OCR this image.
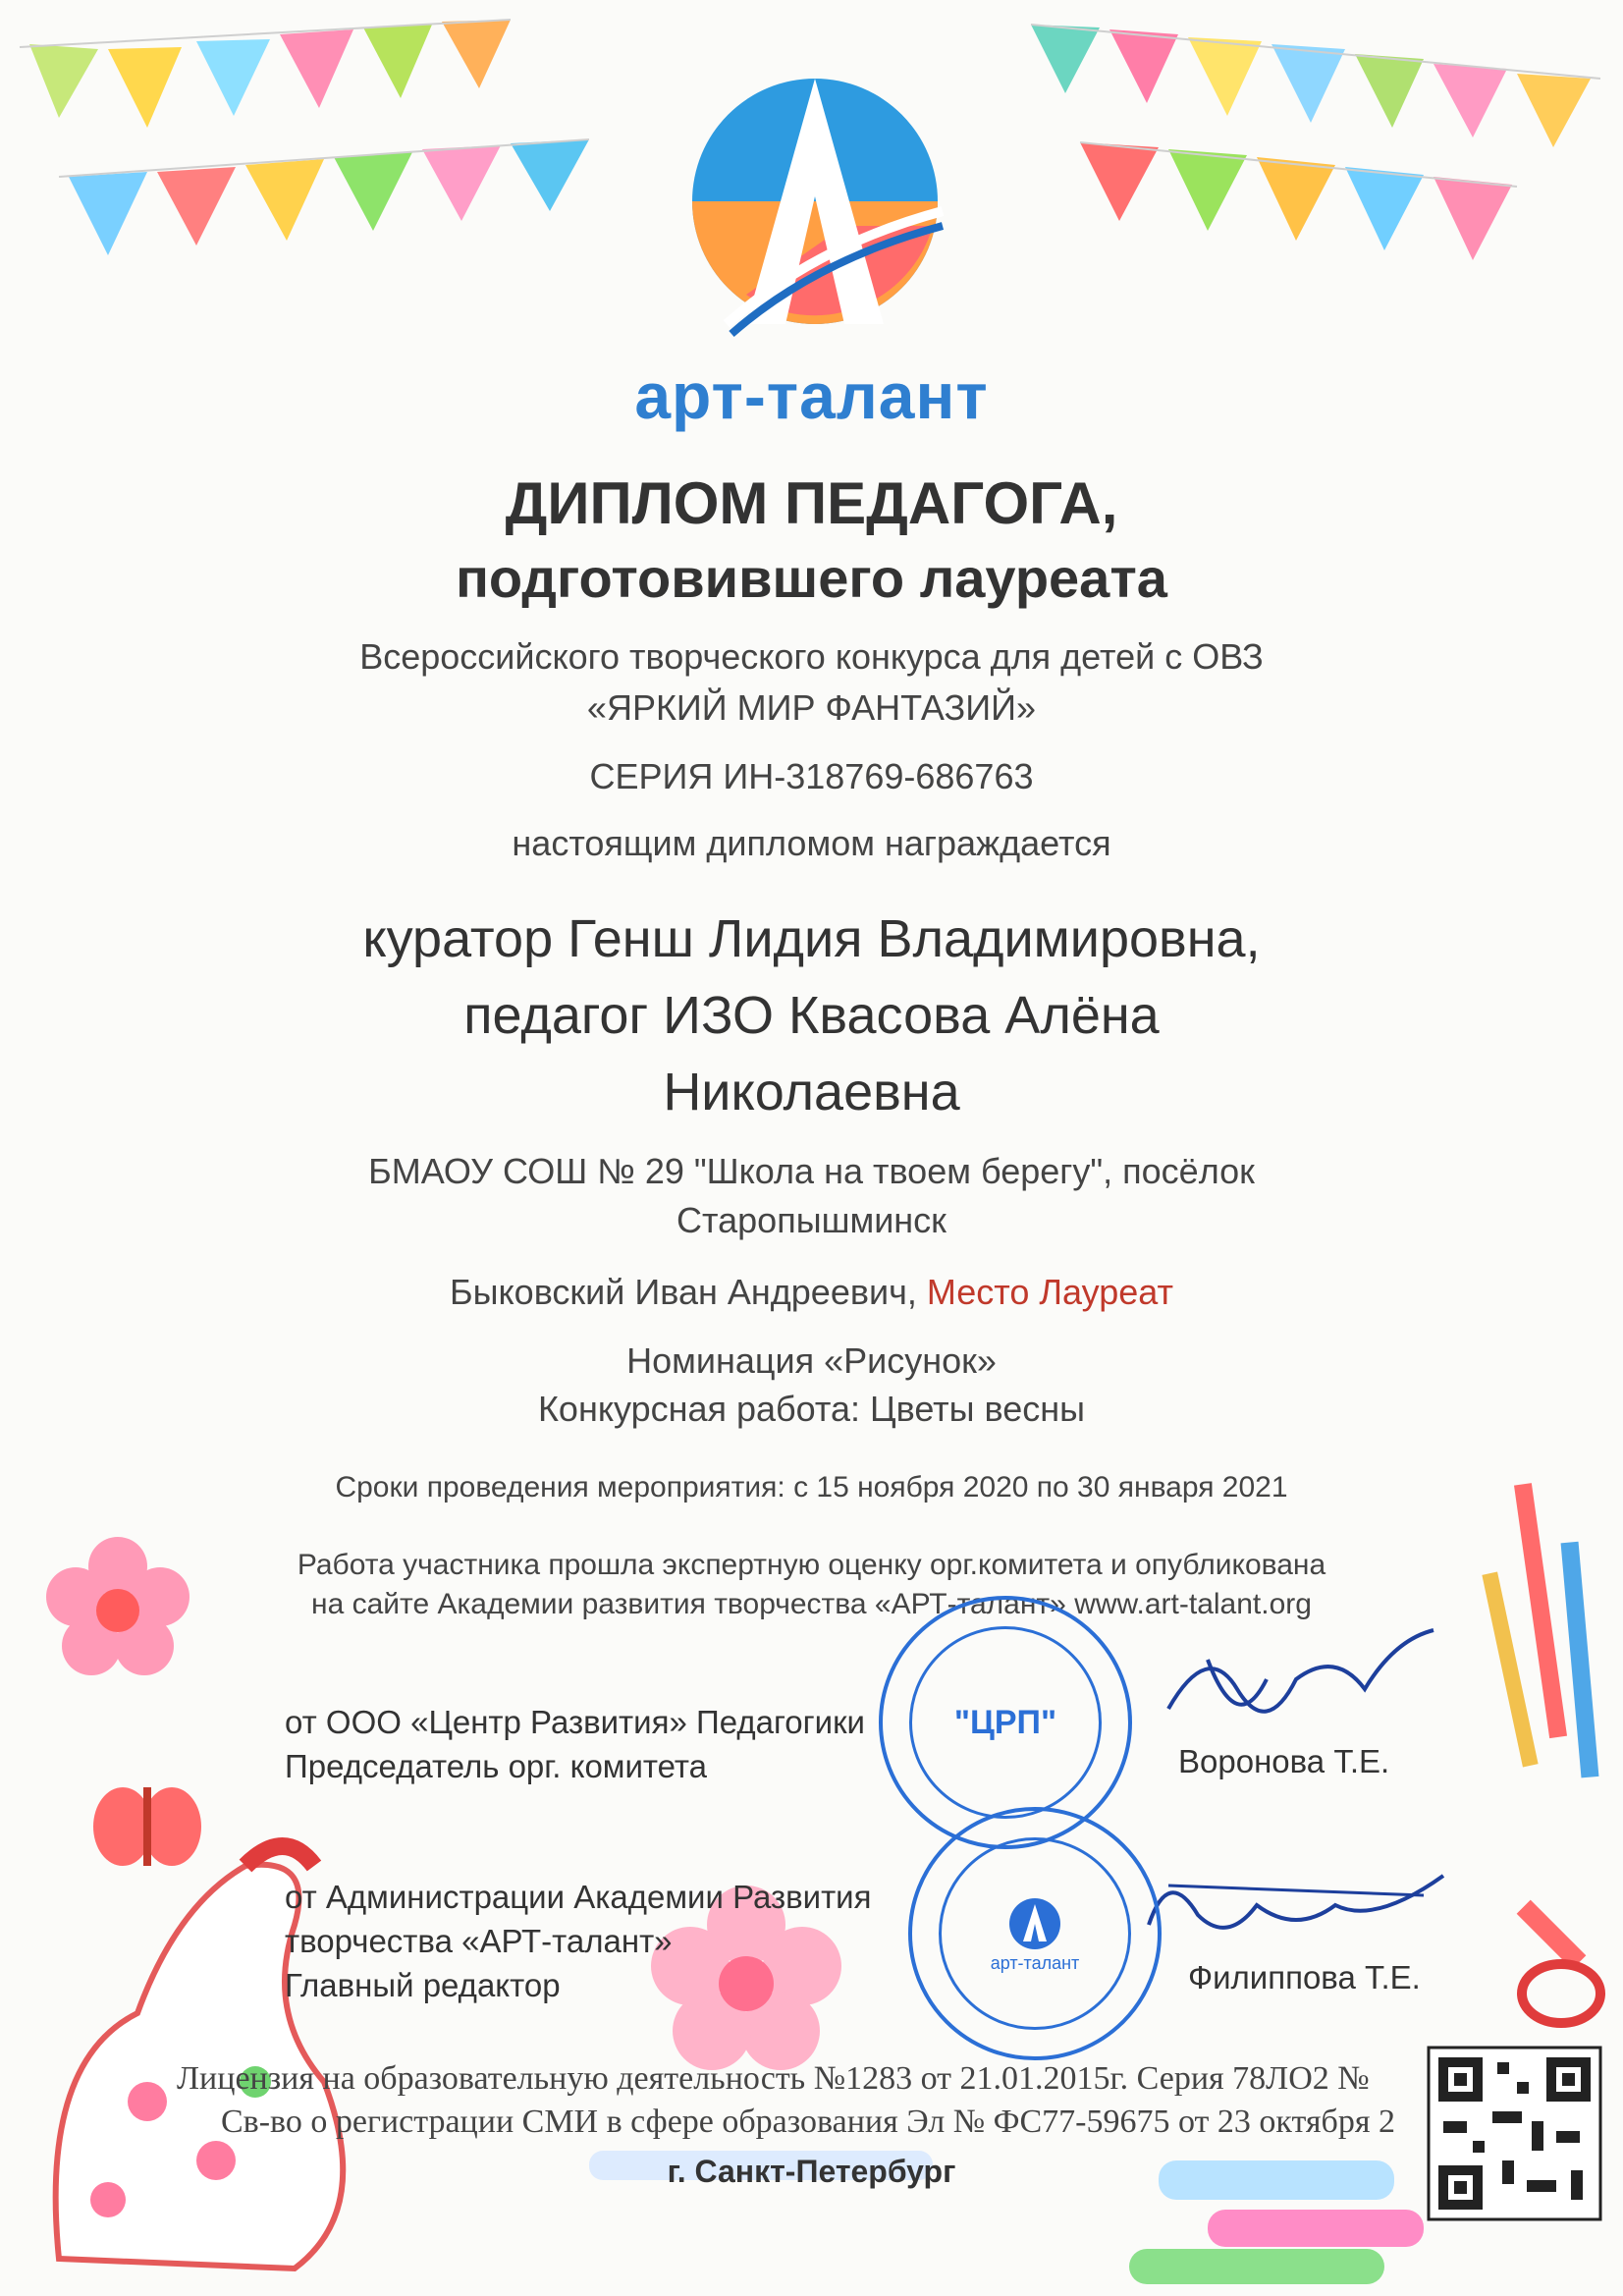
арт-талант
ДИПЛОМ ПЕДАГОГА,
подготовившего лауреата
Всероссийского творческого конкурса для детей с ОВЗ
«ЯРКИЙ МИР ФАНТАЗИЙ»
СЕРИЯ ИН-318769-686763
настоящим дипломом награждается
куратор Генш Лидия Владимировна,
педагог ИЗО Квасова Алёна
Николаевна
БМАОУ СОШ № 29 "Школа на твоем берегу", посёлок
Старопышминск
Быковский Иван Андреевич, Место Лауреат
Номинация «Рисунок»
Конкурсная работа: Цветы весны
Сроки проведения мероприятия: с 15 ноября 2020 по 30 января 2021
Работа участника прошла экспертную оценку орг.комитета и опубликована
на сайте Академии развития творчества «АРТ-талант» www.art-talant.org
от ООО «Центр Развития» Педагогики
Председатель орг. комитета	Воронова Т.Е.
от Администрации Академии Развития
творчества «АРТ-талант»
Главный редактор	Филиппова Т.Е.
"ЦРП"
арт-талант
Лицензия на образовательную деятельность №1283 от 21.01.2015г. Серия 78ЛО2 №
Св-во о регистрации СМИ в сфере образования Эл № ФС77-59675 от 23 октября 2
г. Санкт-Петербург
